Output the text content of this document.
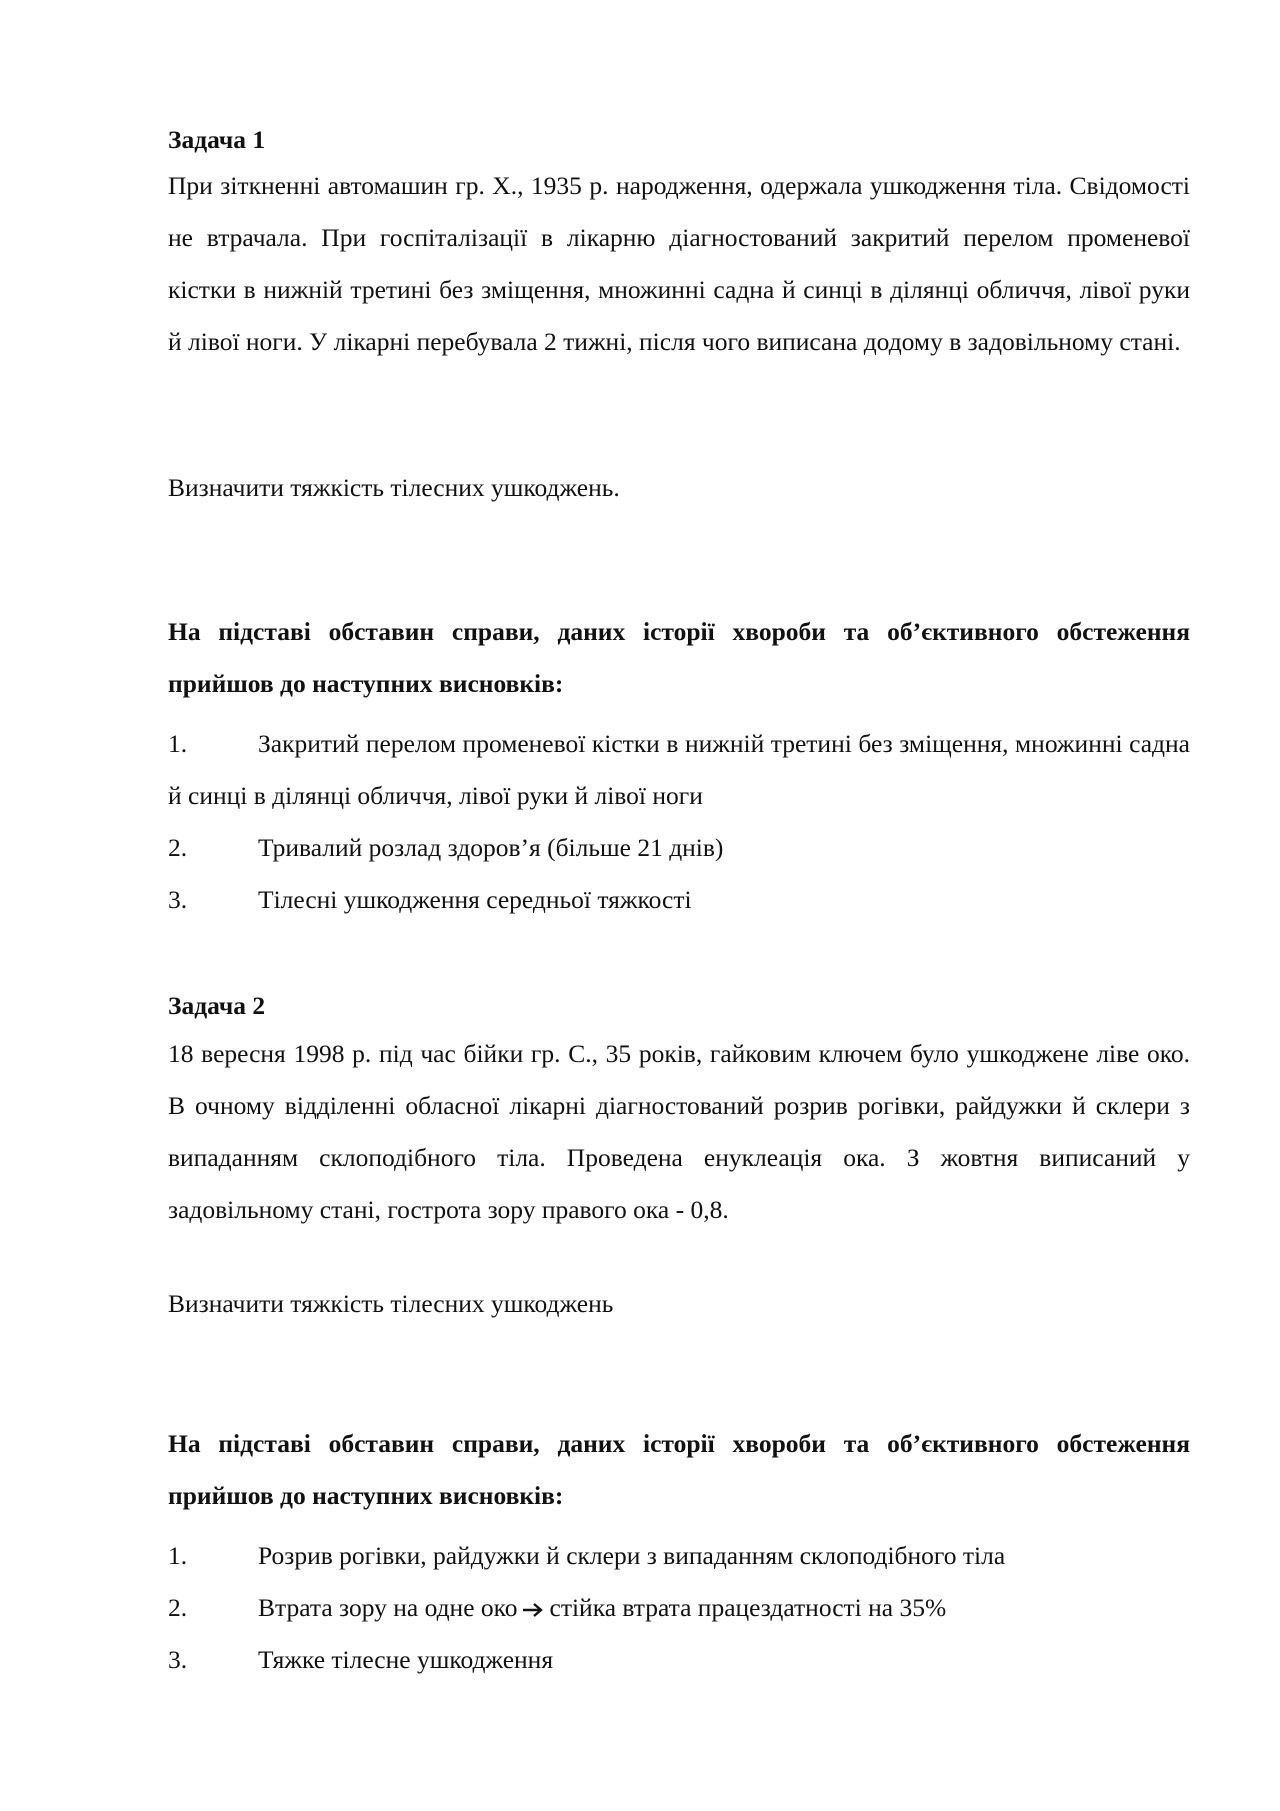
Задача 1
При зіткненні автомашин гр. Х., 1935 р. народження, одержала ушкодження тіла. Свідомості не втрачала. При госпіталізації в лікарню діагностований закритий перелом променевої кістки в нижній третині без зміщення, множинні садна й синці в ділянці обличчя, лівої руки й лівої ноги. У лікарні перебувала 2 тижні, після чого виписана додому в задовільному стані.
Визначити тяжкість тілесних ушкоджень.
На підставі обставин справи, даних історії хвороби та об’єктивного обстеження прийшов до наступних висновків:
1.	Закритий перелом променевої кістки в нижній третині без зміщення, множинні садна й синці в ділянці обличчя, лівої руки й лівої ноги
2.	Тривалий розлад здоров’я (більше 21 днів)
3.	Тілесні ушкодження середньої тяжкості
Задача 2
18 вересня 1998 р. під час бійки гр. С., 35 років, гайковим ключем було ушкоджене ліве око. В очному відділенні обласної лікарні діагностований розрив рогівки, райдужки й склери з випаданням склоподібного тіла. Проведена енуклеація ока. З жовтня виписаний у задовільному стані, гострота зору правого ока - 0,8.
Визначити тяжкість тілесних ушкоджень
На підставі обставин справи, даних історії хвороби та об’єктивного обстеження прийшов до наступних висновків:
1.	Розрив рогівки, райдужки й склери з випаданням склоподібного тіла
2.	Втрата зору на одне око стійка втрата працездатності на 35%
3.	Тяжке тілесне ушкодження
